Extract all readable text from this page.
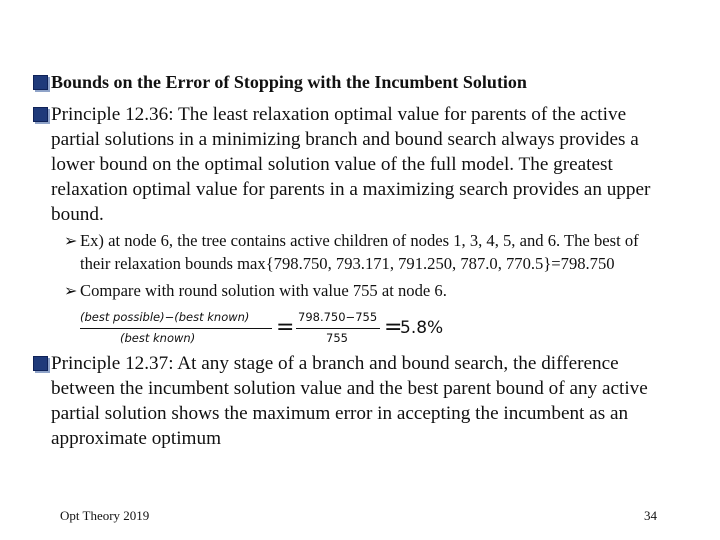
Bounds on the Error of Stopping with the Incumbent Solution
Principle 12.36: The least relaxation optimal value for parents of the active
partial solutions in a minimizing branch and bound search always provides a
lower bound on the optimal solution value of the full model. The greatest
relaxation optimal value for parents in a maximizing search provides an upper
bound.
➢ Ex) at node 6, the tree contains active children of nodes 1, 3, 4, 5, and 6. The best of
their relaxation bounds max{798.750, 793.171, 791.250, 787.0, 770.5}=798.750
➢ Compare with round solution with value 755 at node 6.
(best possible)−(best known)
(best known)	= 798.750−755
755 =
5.8%
Principle 12.37: At any stage of a branch and bound search, the difference
between the incumbent solution value and the best parent bound of any active
partial solution shows the maximum error in accepting the incumbent as an
approximate optimum
Opt Theory 2019	34
